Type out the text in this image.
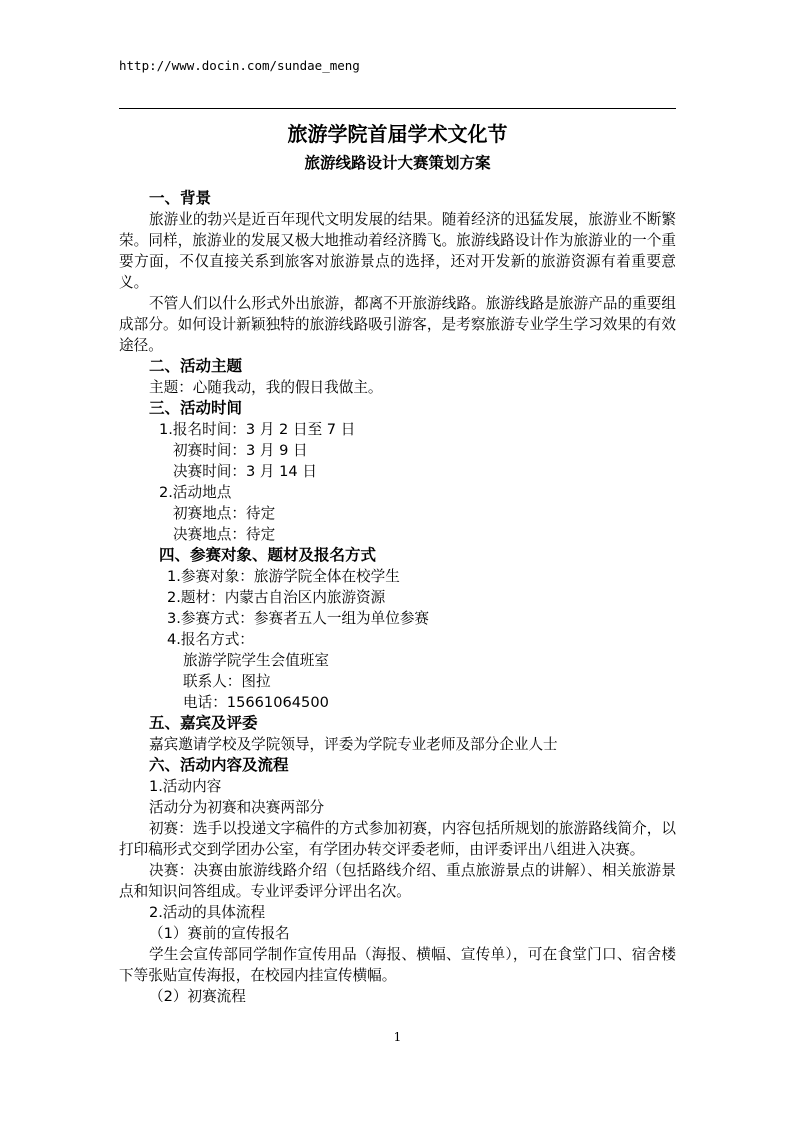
http://www.docin.com/sundae_meng
旅游学院首届学术文化节
旅游线路设计大赛策划方案

一、背景

旅游业的勃兴是近百年现代文明发展的结果。随着经济的迅猛发展，旅游业不断繁荣。同样，旅游业的发展又极大地推动着经济腾飞。旅游线路设计作为旅游业的一个重要方面，不仅直接关系到旅客对旅游景点的选择，还对开发新的旅游资源有着重要意义。

不管人们以什么形式外出旅游，都离不开旅游线路。旅游线路是旅游产品的重要组成部分。如何设计新颖独特的旅游线路吸引游客，是考察旅游专业学生学习效果的有效途径。

二、活动主题

主题：心随我动，我的假日我做主。

三、活动时间

1.报名时间：3 月 2 日至 7 日

初赛时间：3 月 9 日

决赛时间：3 月 14 日

2.活动地点

初赛地点：待定

决赛地点：待定

四、参赛对象、题材及报名方式

1.参赛对象：旅游学院全体在校学生

2.题材：内蒙古自治区内旅游资源

3.参赛方式：参赛者五人一组为单位参赛

4.报名方式：

旅游学院学生会值班室

联系人：图拉

电话：15661064500

五、嘉宾及评委

嘉宾邀请学校及学院领导，评委为学院专业老师及部分企业人士

六、活动内容及流程

1.活动内容

活动分为初赛和决赛两部分

初赛：选手以投递文字稿件的方式参加初赛，内容包括所规划的旅游路线简介，以打印稿形式交到学团办公室，有学团办转交评委老师，由评委评出八组进入决赛。

决赛：决赛由旅游线路介绍（包括路线介绍、重点旅游景点的讲解）、相关旅游景点和知识问答组成。专业评委评分评出名次。

2.活动的具体流程

（1）赛前的宣传报名

学生会宣传部同学制作宣传用品（海报、横幅、宣传单），可在食堂门口、宿舍楼下等张贴宣传海报，在校园内挂宣传横幅。

（2）初赛流程

1
